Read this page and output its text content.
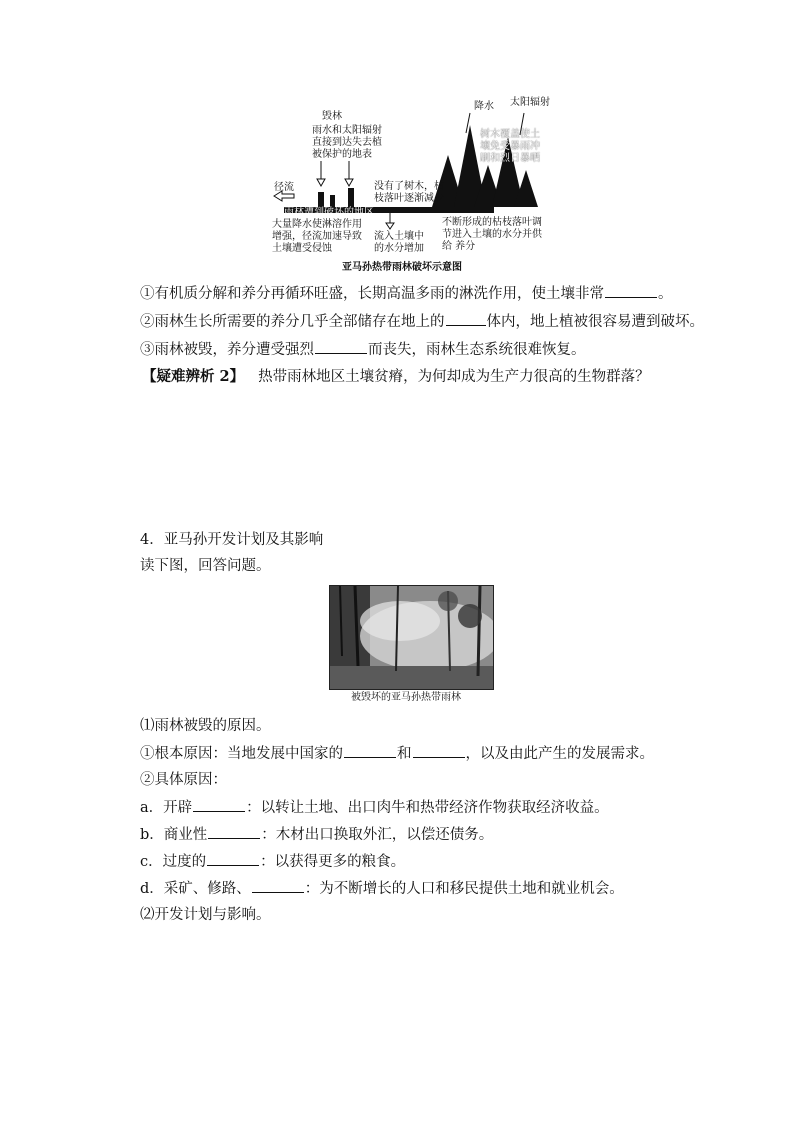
毁林
雨水和太阳辐射
直接到达失去植
被保护的地表
径流	没有了树木，枯
枝落叶逐渐减少
雨林遭到破坏的地区
大量降水使淋溶作用
增强，径流加速导致
土壤遭受侵蚀
流入土壤中
的水分增加
降水 太阳辐射
树木覆盖使土
壤免受暴雨冲
刷和烈日暴晒
不断形成的枯枝落叶调
节进入土壤的水分并供
给 养分
亚马孙热带雨林破坏示意图
①有机质分解和养分再循环旺盛，长期高温多雨的淋洗作用，使土壤非常	。
②雨林生长所需要的养分几乎全部储存在地上的	体内，地上植被很容易遭到破坏。
③雨林被毁，养分遭受强烈	而丧失，雨林生态系统很难恢复。
【疑难辨析 2】 热带雨林地区土壤贫瘠，为何却成为生产力很高的生物群落？
4．亚马孙开发计划及其影响
读下图，回答问题。
被毁坏的亚马孙热带雨林
⑴雨林被毁的原因。
①根本原因：当地发展中国家的	和	，以及由此产生的发展需求。
②具体原因：
a．开辟	：以转让土地、出口肉牛和热带经济作物获取经济收益。
b．商业性	：木材出口换取外汇，以偿还债务。
c．过度的	：以获得更多的粮食。
d．采矿、修路、	：为不断增长的人口和移民提供土地和就业机会。
⑵开发计划与影响。
